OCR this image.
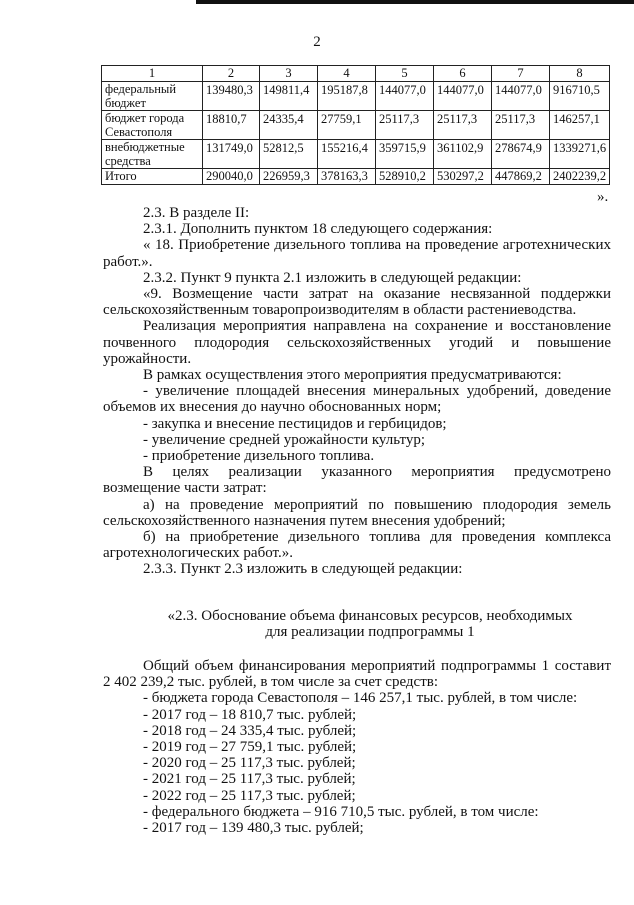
2
1	2	3	4	5	6	7	8
федеральный бюджет	139480,3	149811,4	195187,8	144077,0	144077,0	144077,0	916710,5
бюджет города Севастополя	18810,7	24335,4	27759,1	25117,3	25117,3	25117,3	146257,1
внебюджетные средства	131749,0	52812,5	155216,4	359715,9	361102,9	278674,9	1339271,6
Итого	290040,0	226959,3	378163,3	528910,2	530297,2	447869,2	2402239,2
».

2.3. В разделе II:

2.3.1. Дополнить пунктом 18 следующего содержания:

« 18. Приобретение дизельного топлива на проведение агротехнических работ.».

2.3.2. Пункт 9 пункта 2.1 изложить в следующей редакции:

«9. Возмещение части затрат на оказание несвязанной поддержки сельскохозяйственным товаропроизводителям в области растениеводства.

Реализация мероприятия направлена на сохранение и восстановление почвенного плодородия сельскохозяйственных угодий и повышение урожайности.

В рамках осуществления этого мероприятия предусматриваются:

- увеличение площадей внесения минеральных удобрений, доведение объемов их внесения до научно обоснованных норм;

- закупка и внесение пестицидов и гербицидов;

- увеличение средней урожайности культур;

- приобретение дизельного топлива.

В целях реализации указанного мероприятия предусмотрено возмещение части затрат:

а) на проведение мероприятий по повышению плодородия земель сельскохозяйственного назначения путем внесения удобрений;

б) на приобретение дизельного топлива для проведения комплекса агротехнологических работ.».

2.3.3. Пункт 2.3 изложить в следующей редакции:

«2.3. Обоснование объема финансовых ресурсов, необходимых

для реализации подпрограммы 1

Общий объем финансирования мероприятий подпрограммы 1 составит 2 402 239,2 тыс. рублей, в том числе за счет средств:

- бюджета города Севастополя – 146 257,1 тыс. рублей, в том числе:

- 2017 год – 18 810,7 тыс. рублей;

- 2018 год – 24 335,4 тыс. рублей;

- 2019 год – 27 759,1 тыс. рублей;

- 2020 год – 25 117,3 тыс. рублей;

- 2021 год – 25 117,3 тыс. рублей;

- 2022 год – 25 117,3 тыс. рублей;

- федерального бюджета – 916 710,5 тыс. рублей, в том числе:

- 2017 год – 139 480,3 тыс. рублей;
